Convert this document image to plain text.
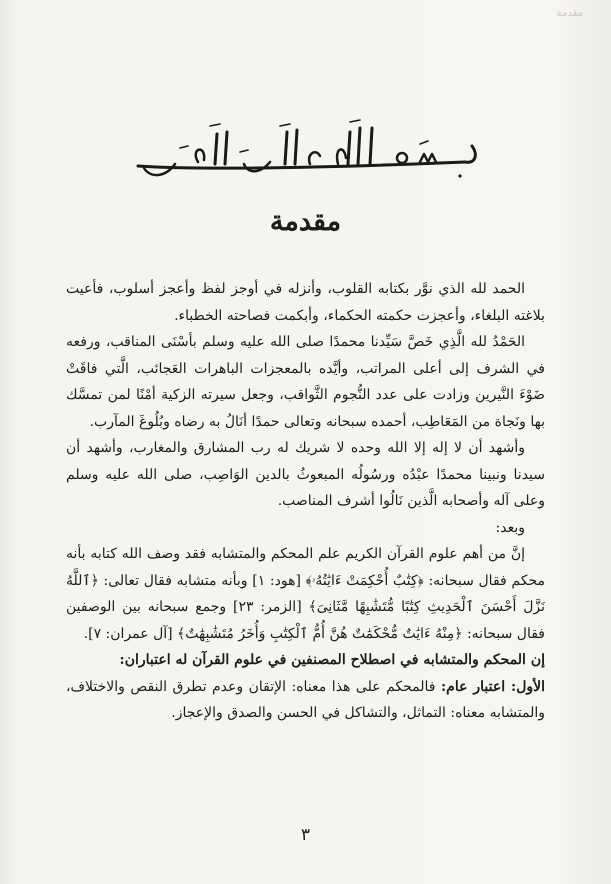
مقدمة
مقدمة

الحمد لله الذي نوَّر بكتابه القلوب، وأنزله في أوجز لفظ وأعجز أسلوب، فأعيت بلاغته البلغاء، وأعجزت حكمته الحكماء، وأبكمت فصاحته الخطباء.

الحَمْدُ لله الَّذِي خَصَّ سَيِّدنا محمدًا صلى الله عليه وسلم بأسْنَى المناقب، ورفعه في الشرف إلى أعلى المراتب، وأيَّده بالمعجزات الباهرات العَجائب، الَّتي فاقَتْ ضَوْءَ النَّيرين وزادت على عدد النُّجوم الثَّواقب، وجعل سيرته الزكية أمْنًا لمن تمسَّك بها ونَجاة من المَعَاطِب، أحمده سبحانه وتعالى حمدًا أنَالُ به رضاه وبُلُوغَ المآرب.

وأشهد أن لا إله إلا الله وحده لا شريك له رب المشارق والمغارب، وأشهد أن سيدنا ونبينا محمدًا عبْدُه ورسُولُه المبعوثُ بالدين الوَاصِب، صلى الله عليه وسلم وعلى آله وأصحابه الَّذين نَالُوا أشرف المناصب.

وبعد:

إنَّ من أهم علوم القرآن الكريم علم المحكم والمتشابه فقد وصف الله كتابه بأنه محكم فقال سبحانه: ﴿كِتَٰبٌ أُحْكِمَتْ ءَايَٰتُهُۥ﴾ [هود: ١] وبأنه متشابه فقال تعالى: ﴿ٱللَّهُ نَزَّلَ أَحْسَنَ ٱلْحَدِيثِ كِتَٰبًا مُّتَشَٰبِهًا مَّثَانِىَ﴾ [الزمر: ٢٣] وجمع سبحانه بين الوصفين فقال سبحانه: ﴿مِنْهُ ءَايَٰتٌ مُّحْكَمَٰتٌ هُنَّ أُمُّ ٱلْكِتَٰبِ وَأُخَرُ مُتَشَٰبِهَٰتٌ﴾ [آل عمران: ٧].

إن المحكم والمتشابه في اصطلاح المصنفين في علوم القرآن له اعتباران:

الأول: اعتبار عام: فالمحكم على هذا معناه: الإتقان وعدم تطرق النقص والاختلاف، والمتشابه معناه: التماثل، والتشاكل في الحسن والصدق والإعجاز.

٣
